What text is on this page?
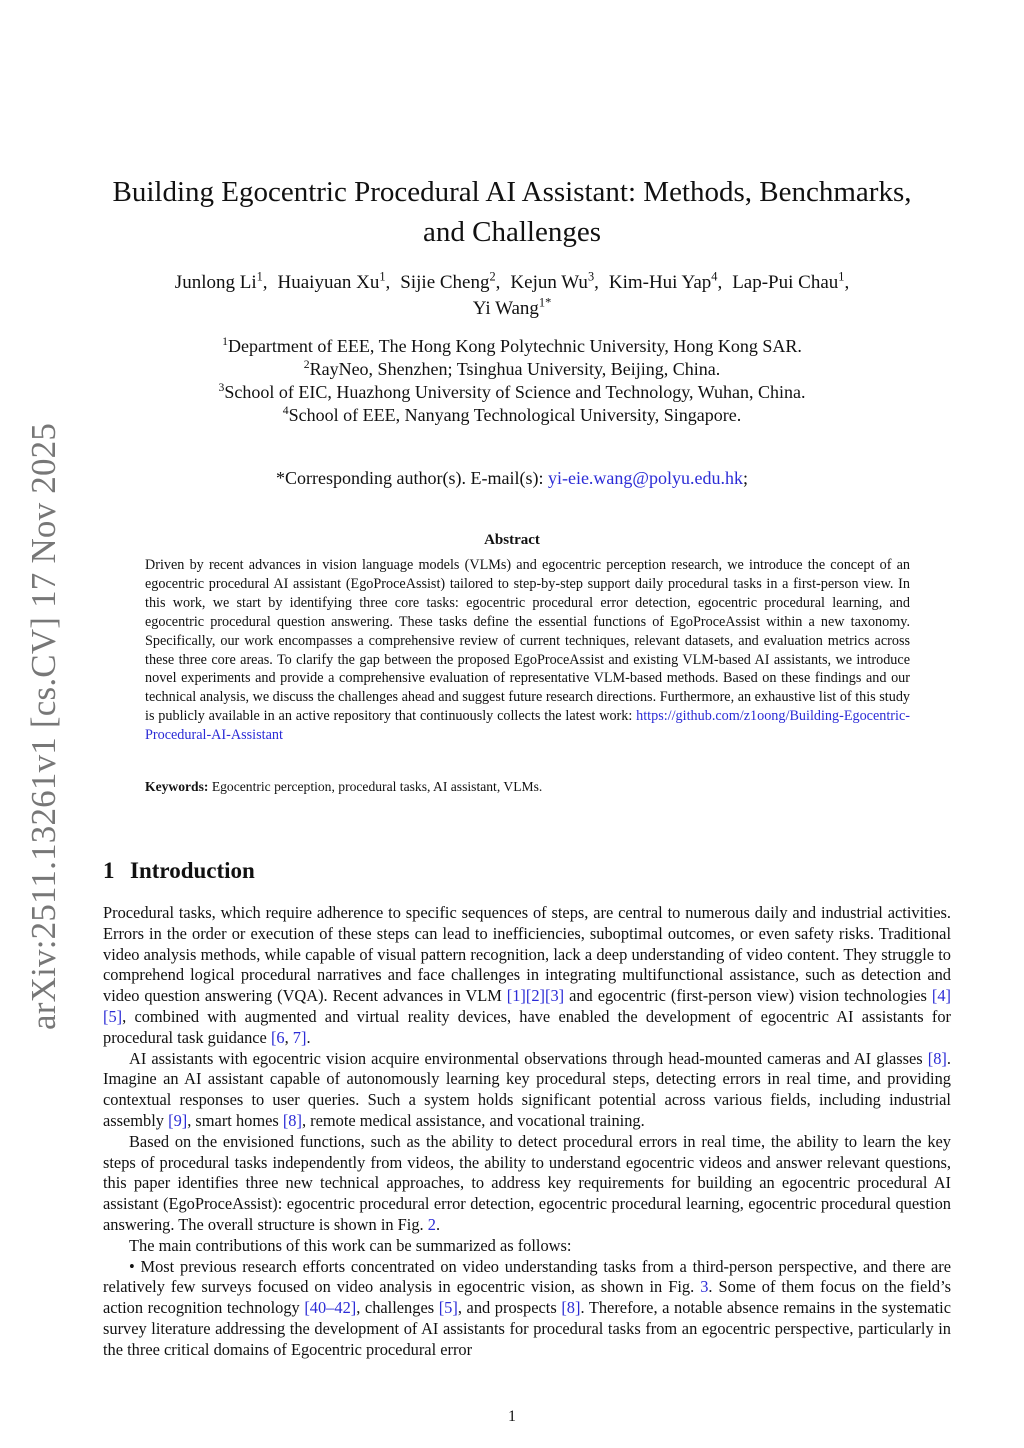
arXiv:2511.13261v1 [cs.CV] 17 Nov 2025
Building Egocentric Procedural AI Assistant: Methods, Benchmarks,
and Challenges
Junlong Li$^1$, Huaiyuan Xu$^1$, Sijie Cheng$^2$, Kejun Wu$^3$, Kim-Hui Yap$^4$, Lap-Pui Chau$^1$,
Yi Wang$^{1*}$
$^1$Department of EEE, The Hong Kong Polytechnic University, Hong Kong SAR.
$^2$RayNeo, Shenzhen; Tsinghua University, Beijing, China.
$^3$School of EIC, Huazhong University of Science and Technology, Wuhan, China.
$^4$School of EEE, Nanyang Technological University, Singapore.
*Corresponding author(s). E-mail(s): yi-eie.wang@polyu.edu.hk;
Abstract
Driven by recent advances in vision language models (VLMs) and egocentric perception research, we introduce the concept of an egocentric procedural AI assistant (EgoProceAssist) tailored to step-by-step support daily procedural tasks in a first-person view. In this work, we start by identifying three core tasks: egocentric procedural error detection, egocentric procedural learning, and egocentric procedural question answering. These tasks define the essential functions of EgoProceAssist within a new taxonomy. Specifically, our work encompasses a comprehensive review of current techniques, relevant datasets, and evaluation metrics across these three core areas. To clarify the gap between the proposed EgoProceAssist and existing VLM-based AI assistants, we introduce novel experiments and provide a comprehensive evaluation of representative VLM-based methods. Based on these findings and our technical analysis, we discuss the challenges ahead and suggest future research directions. Furthermore, an exhaustive list of this study is publicly available in an active repository that continuously collects the latest work: https://github.com/z1oong/Building-Egocentric-Procedural-AI-Assistant
Keywords: Egocentric perception, procedural tasks, AI assistant, VLMs.
1 Introduction

Procedural tasks, which require adherence to specific sequences of steps, are central to numerous daily and industrial activities. Errors in the order or execution of these steps can lead to inefficiencies, suboptimal outcomes, or even safety risks. Traditional video analysis methods, while capable of visual pattern recognition, lack a deep understanding of video content. They struggle to comprehend logical procedural narratives and face challenges in integrating multifunctional assistance, such as detection and video question answering (VQA). Recent advances in VLM [1][2][3] and egocentric (first-person view) vision technologies [4][5], combined with augmented and virtual reality devices, have enabled the development of egocentric AI assistants for procedural task guidance [6, 7].

AI assistants with egocentric vision acquire environmental observations through head-mounted cameras and AI glasses [8]. Imagine an AI assistant capable of autonomously learning key procedural steps, detecting errors in real time, and providing contextual responses to user queries. Such a system holds significant potential across various fields, including industrial assembly [9], smart homes [8], remote medical assistance, and vocational training.

Based on the envisioned functions, such as the ability to detect procedural errors in real time, the ability to learn the key steps of procedural tasks independently from videos, the ability to understand egocentric videos and answer relevant questions, this paper identifies three new technical approaches, to address key requirements for building an egocentric procedural AI assistant (EgoProceAssist): egocentric procedural error detection, egocentric procedural learning, egocentric procedural question answering. The overall structure is shown in Fig. 2.

The main contributions of this work can be summarized as follows:

• Most previous research efforts concentrated on video understanding tasks from a third-person perspective, and there are relatively few surveys focused on video analysis in egocentric vision, as shown in Fig. 3. Some of them focus on the field’s action recognition technology [40–42], challenges [5], and prospects [8]. Therefore, a notable absence remains in the systematic survey literature addressing the development of AI assistants for procedural tasks from an egocentric perspective, particularly in the three critical domains of Egocentric procedural error

1
